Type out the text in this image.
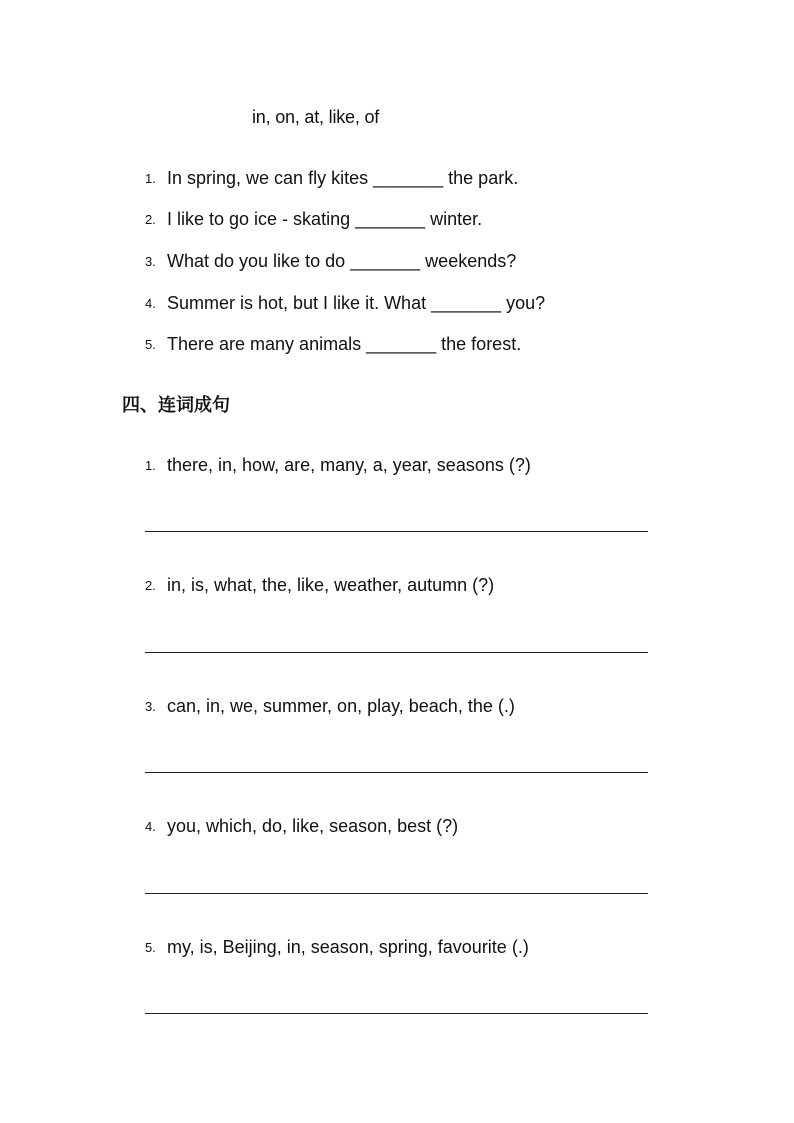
in, on, at, like, of
1. In spring, we can fly kites _______ the park.
2. I like to go ice - skating _______ winter.
3. What do you like to do _______ weekends?
4. Summer is hot, but I like it. What _______ you?
5. There are many animals _______ the forest.
四、连词成句
1. there, in, how, are, many, a, year, seasons (?)
2. in, is, what, the, like, weather, autumn (?)
3. can, in, we, summer, on, play, beach, the (.)
4. you, which, do, like, season, best (?)
5. my, is, Beijing, in, season, spring, favourite (.)
